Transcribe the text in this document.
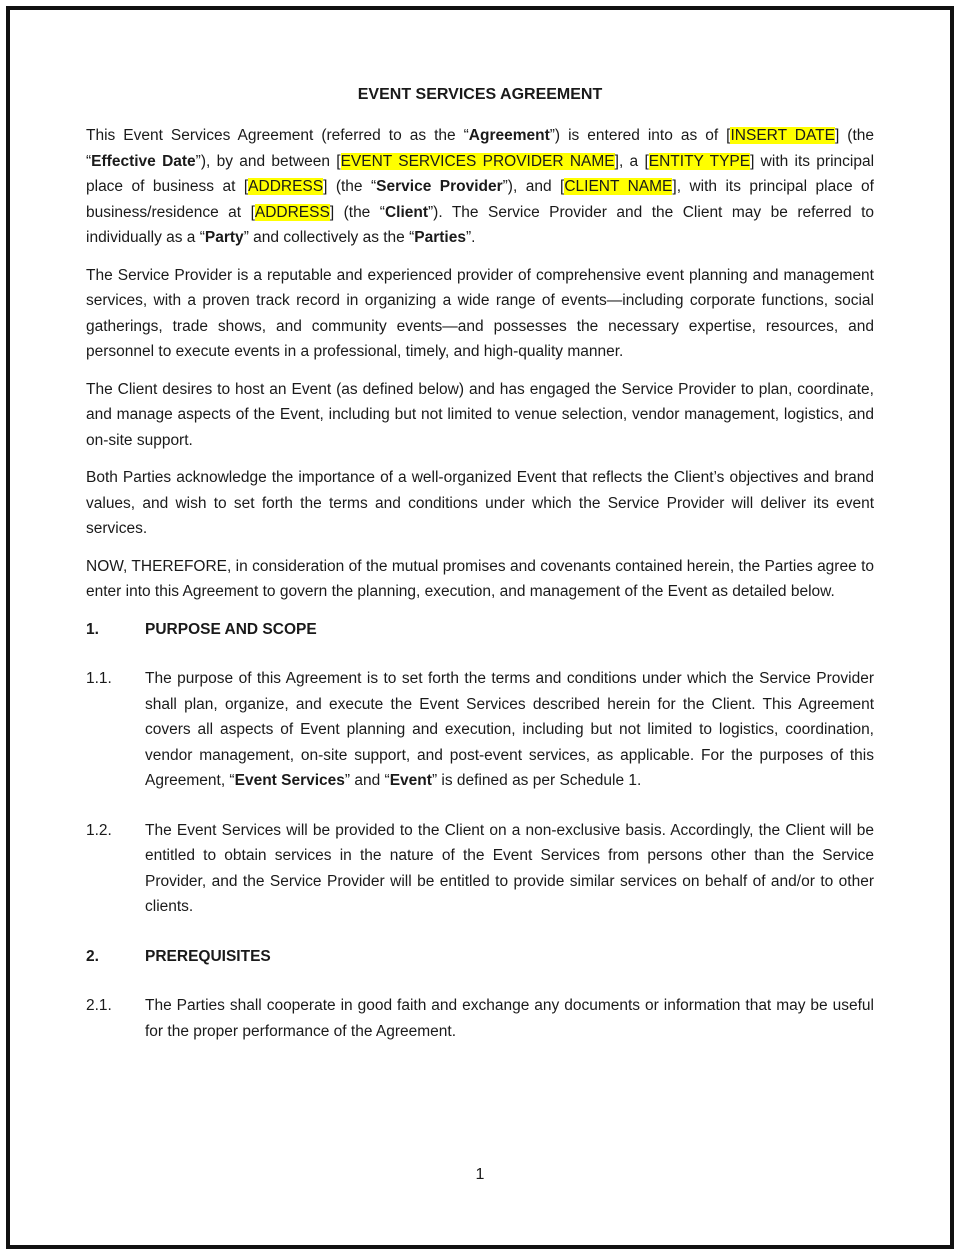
EVENT SERVICES AGREEMENT

This Event Services Agreement (referred to as the “Agreement”) is entered into as of [INSERT DATE] (the “Effective Date”), by and between [EVENT SERVICES PROVIDER NAME], a [ENTITY TYPE] with its principal place of business at [ADDRESS] (the “Service Provider”), and [CLIENT NAME], with its principal place of business/residence at [ADDRESS] (the “Client”). The Service Provider and the Client may be referred to individually as a “Party” and collectively as the “Parties”.

The Service Provider is a reputable and experienced provider of comprehensive event planning and management services, with a proven track record in organizing a wide range of events—including corporate functions, social gatherings, trade shows, and community events—and possesses the necessary expertise, resources, and personnel to execute events in a professional, timely, and high-quality manner.

The Client desires to host an Event (as defined below) and has engaged the Service Provider to plan, coordinate, and manage aspects of the Event, including but not limited to venue selection, vendor management, logistics, and on-site support.

Both Parties acknowledge the importance of a well-organized Event that reflects the Client’s objectives and brand values, and wish to set forth the terms and conditions under which the Service Provider will deliver its event services.

NOW, THEREFORE, in consideration of the mutual promises and covenants contained herein, the Parties agree to enter into this Agreement to govern the planning, execution, and management of the Event as detailed below.

1.	PURPOSE AND SCOPE
1.1.	The purpose of this Agreement is to set forth the terms and conditions under which the Service Provider shall plan, organize, and execute the Event Services described herein for the Client. This Agreement covers all aspects of Event planning and execution, including but not limited to logistics, coordination, vendor management, on-site support, and post-event services, as applicable. For the purposes of this Agreement, “Event Services” and “Event” is defined as per Schedule 1.
1.2.	The Event Services will be provided to the Client on a non-exclusive basis. Accordingly, the Client will be entitled to obtain services in the nature of the Event Services from persons other than the Service Provider, and the Service Provider will be entitled to provide similar services on behalf of and/or to other clients.
2.	PREREQUISITES
2.1.	The Parties shall cooperate in good faith and exchange any documents or information that may be useful for the proper performance of the Agreement.
1
